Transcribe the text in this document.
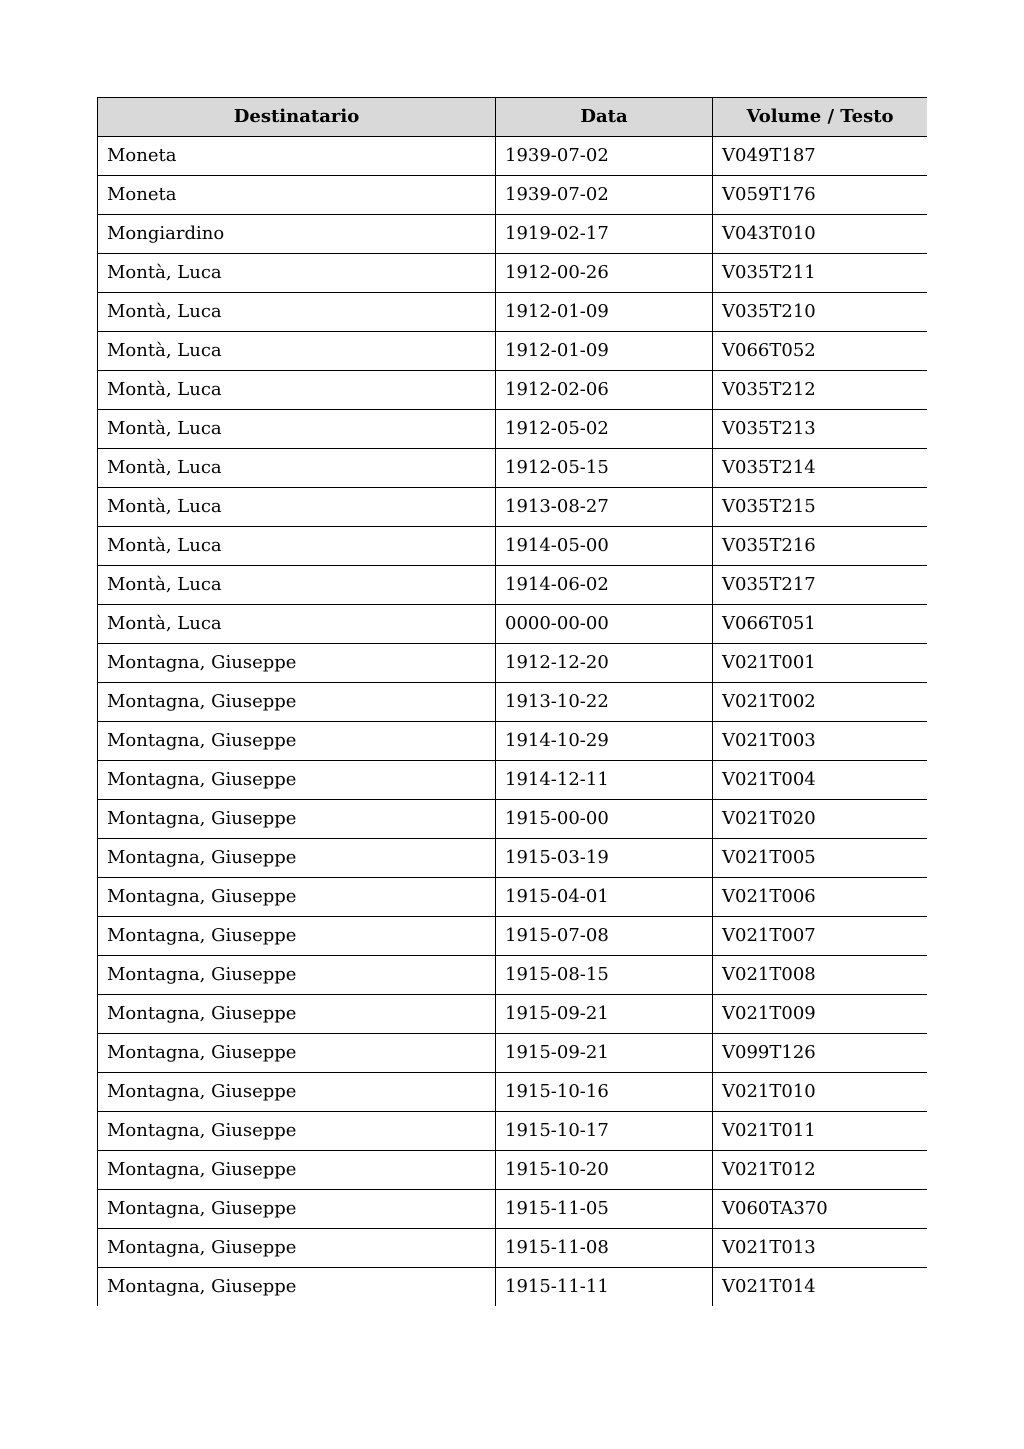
Destinatario	Data	Volume / Testo
Moneta	1939-07-02	V049T187
Moneta	1939-07-02	V059T176
Mongiardino	1919-02-17	V043T010
Montà, Luca	1912-00-26	V035T211
Montà, Luca	1912-01-09	V035T210
Montà, Luca	1912-01-09	V066T052
Montà, Luca	1912-02-06	V035T212
Montà, Luca	1912-05-02	V035T213
Montà, Luca	1912-05-15	V035T214
Montà, Luca	1913-08-27	V035T215
Montà, Luca	1914-05-00	V035T216
Montà, Luca	1914-06-02	V035T217
Montà, Luca	0000-00-00	V066T051
Montagna, Giuseppe	1912-12-20	V021T001
Montagna, Giuseppe	1913-10-22	V021T002
Montagna, Giuseppe	1914-10-29	V021T003
Montagna, Giuseppe	1914-12-11	V021T004
Montagna, Giuseppe	1915-00-00	V021T020
Montagna, Giuseppe	1915-03-19	V021T005
Montagna, Giuseppe	1915-04-01	V021T006
Montagna, Giuseppe	1915-07-08	V021T007
Montagna, Giuseppe	1915-08-15	V021T008
Montagna, Giuseppe	1915-09-21	V021T009
Montagna, Giuseppe	1915-09-21	V099T126
Montagna, Giuseppe	1915-10-16	V021T010
Montagna, Giuseppe	1915-10-17	V021T011
Montagna, Giuseppe	1915-10-20	V021T012
Montagna, Giuseppe	1915-11-05	V060TA370
Montagna, Giuseppe	1915-11-08	V021T013
Montagna, Giuseppe	1915-11-11	V021T014
